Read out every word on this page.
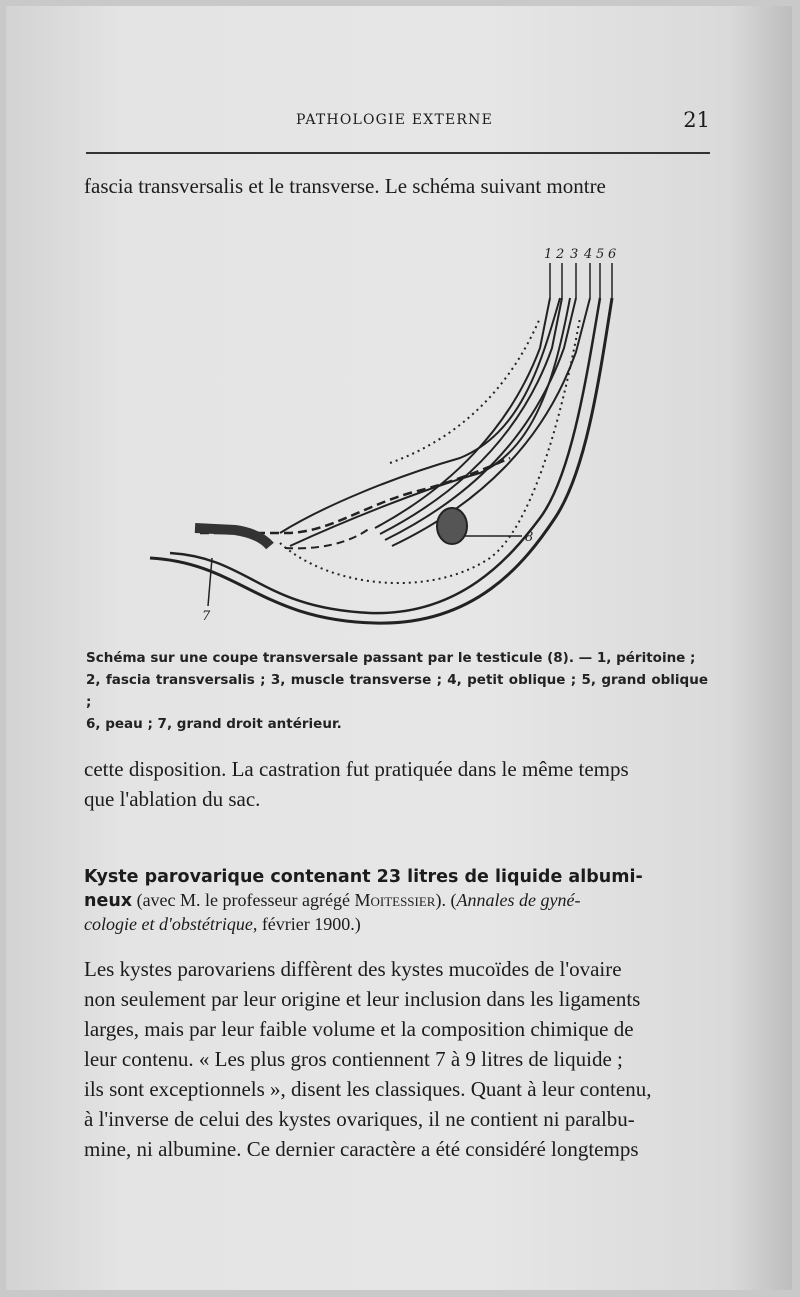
PATHOLOGIE EXTERNE	21
fascia transversalis et le transverse. Le schéma suivant montre
1 2 3 4 5 6
8
7
Schéma sur une coupe transversale passant par le testicule (8). — 1, péritoine ;
2, fascia transversalis ; 3, muscle transverse ; 4, petit oblique ; 5, grand oblique ;
6, peau ; 7, grand droit antérieur.
cette disposition. La castration fut pratiquée dans le même temps
que l'ablation du sac.
Kyste parovarique contenant 23 litres de liquide albumi-
neux (avec M. le professeur agrégé Moitessier). (Annales de gyné-
cologie et d'obstétrique, février 1900.)
Les kystes parovariens diffèrent des kystes mucoïdes de l'ovaire
non seulement par leur origine et leur inclusion dans les ligaments
larges, mais par leur faible volume et la composition chimique de
leur contenu. « Les plus gros contiennent 7 à 9 litres de liquide ;
ils sont exceptionnels », disent les classiques. Quant à leur contenu,
à l'inverse de celui des kystes ovariques, il ne contient ni paralbu-
mine, ni albumine. Ce dernier caractère a été considéré longtemps
